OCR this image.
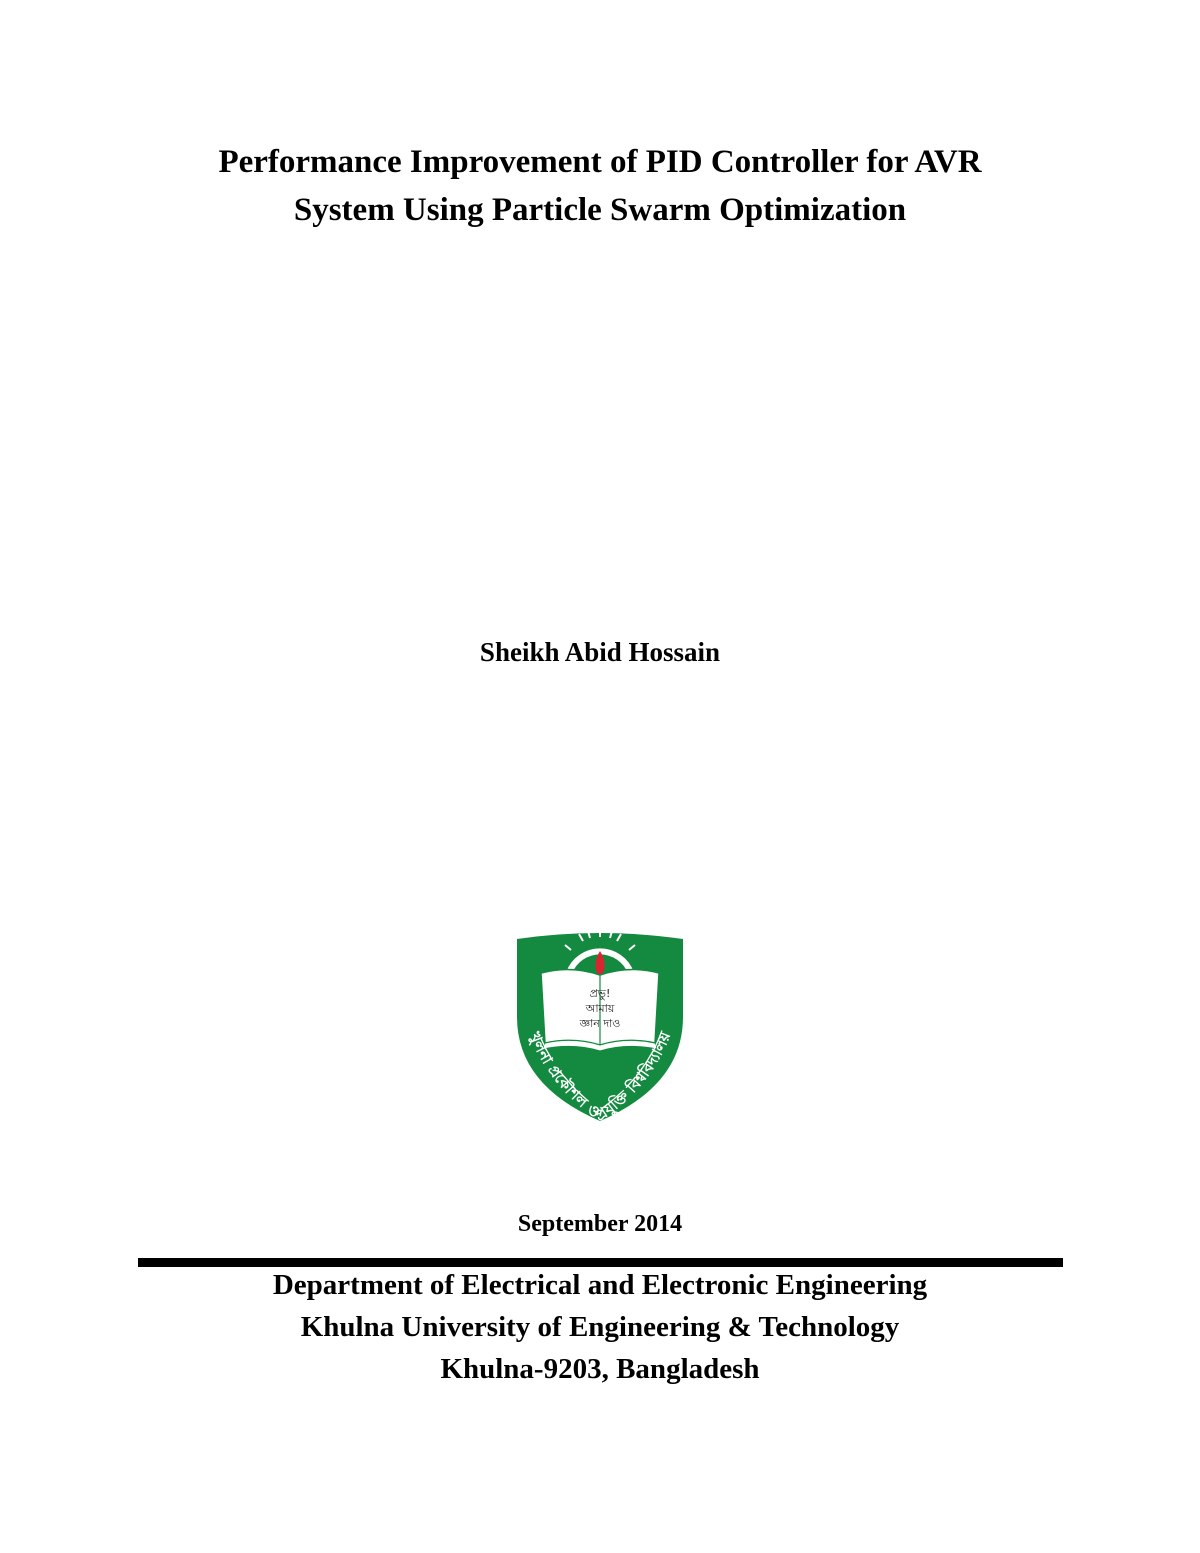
Performance Improvement of PID Controller for AVR
System Using Particle Swarm Optimization
Sheikh Abid Hossain
প্রভু!
আমায়
জ্ঞান দাও
খুলনা প্রকৌশল ও প্রযুক্তি বিশ্ববিদ্যালয়
September 2014
Department of Electrical and Electronic Engineering
Khulna University of Engineering & Technology
Khulna-9203, Bangladesh
